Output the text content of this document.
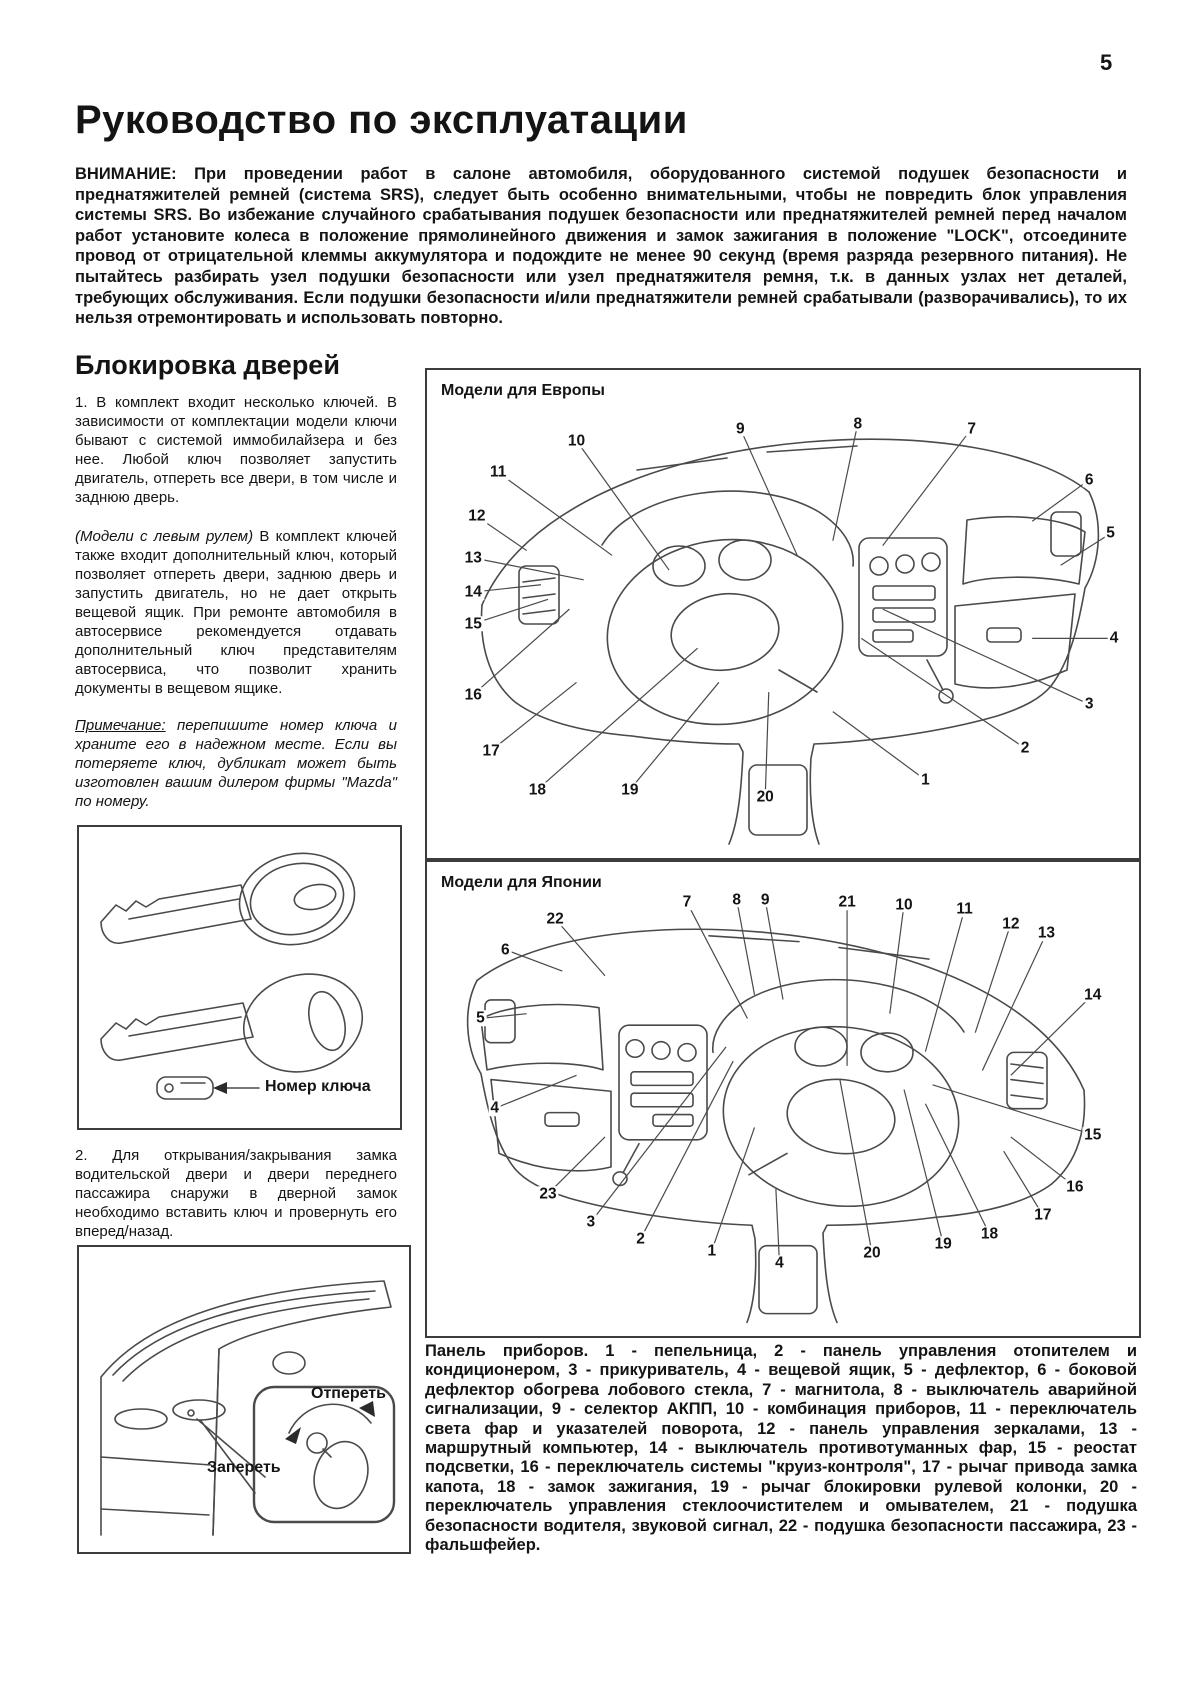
5
Руководство по эксплуатации

ВНИМАНИЕ: При проведении работ в салоне автомобиля, оборудованного системой подушек безопасности и преднатяжителей ремней (система SRS), следует быть особенно внимательными, чтобы не повредить блок управления системы SRS. Во избежание случайного срабатывания подушек безопасности или преднатяжителей ремней перед началом работ установите колеса в положение прямолинейного движения и замок зажигания в положение "LOCK", отсоедините провод от отрицательной клеммы аккумулятора и подождите не менее 90 секунд (время разряда резервного питания). Не пытайтесь разбирать узел подушки безопасности или узел преднатяжителя ремня, т.к. в данных узлах нет деталей, требующих обслуживания. Если подушки безопасности и/или преднатяжители ремней срабатывали (разворачивались), то их нельзя отремонтировать и использовать повторно.

Блокировка дверей

1. В комплект входит несколько ключей. В зависимости от комплектации модели ключи бывают с системой иммобилайзера и без нее. Любой ключ позволяет запустить двигатель, отпереть все двери, в том числе и заднюю дверь.

(Модели с левым рулем) В комплект ключей также входит дополнительный ключ, который позволяет отпереть двери, заднюю дверь и запустить двигатель, но не дает открыть вещевой ящик. При ремонте автомобиля в автосервисе рекомендуется отдавать дополнительный ключ представителям автосервиса, что позволит хранить документы в вещевом ящике.

Примечание: перепишите номер ключа и храните его в надежном месте. Если вы потеряете ключ, дубликат может быть изготовлен вашим дилером фирмы "Mazda" по номеру.

Номер ключа

2. Для открывания/закрывания замка водительской двери и двери переднего пассажира снаружи в дверной замок необходимо вставить ключ и провернуть его вперед/назад.

Отпереть
Запереть
Модели для Европы
10
9	8	7
6
5
4
3
2
1
20
19
18
17
16
15
14
13
12
11
Модели для Японии
22
7	8 9	21	10	11
12
13
6
14
5
4
23
3
2
1
4
20
19
18
17
16
15

Панель приборов. 1 - пепельница, 2 - панель управления отопителем и кондиционером, 3 - прикуриватель, 4 - вещевой ящик, 5 - дефлектор, 6 - боковой дефлектор обогрева лобового стекла, 7 - магнитола, 8 - выключатель аварийной сигнализации, 9 - селектор АКПП, 10 - комбинация приборов, 11 - переключатель света фар и указателей поворота, 12 - панель управления зеркалами, 13 - маршрутный компьютер, 14 - выключатель противотуманных фар, 15 - реостат подсветки, 16 - переключатель системы "круиз-контроля", 17 - рычаг привода замка капота, 18 - замок зажигания, 19 - рычаг блокировки рулевой колонки, 20 - переключатель управления стеклоочистителем и омывателем, 21 - подушка безопасности водителя, звуковой сигнал, 22 - подушка безопасности пассажира, 23 - фальшфейер.
